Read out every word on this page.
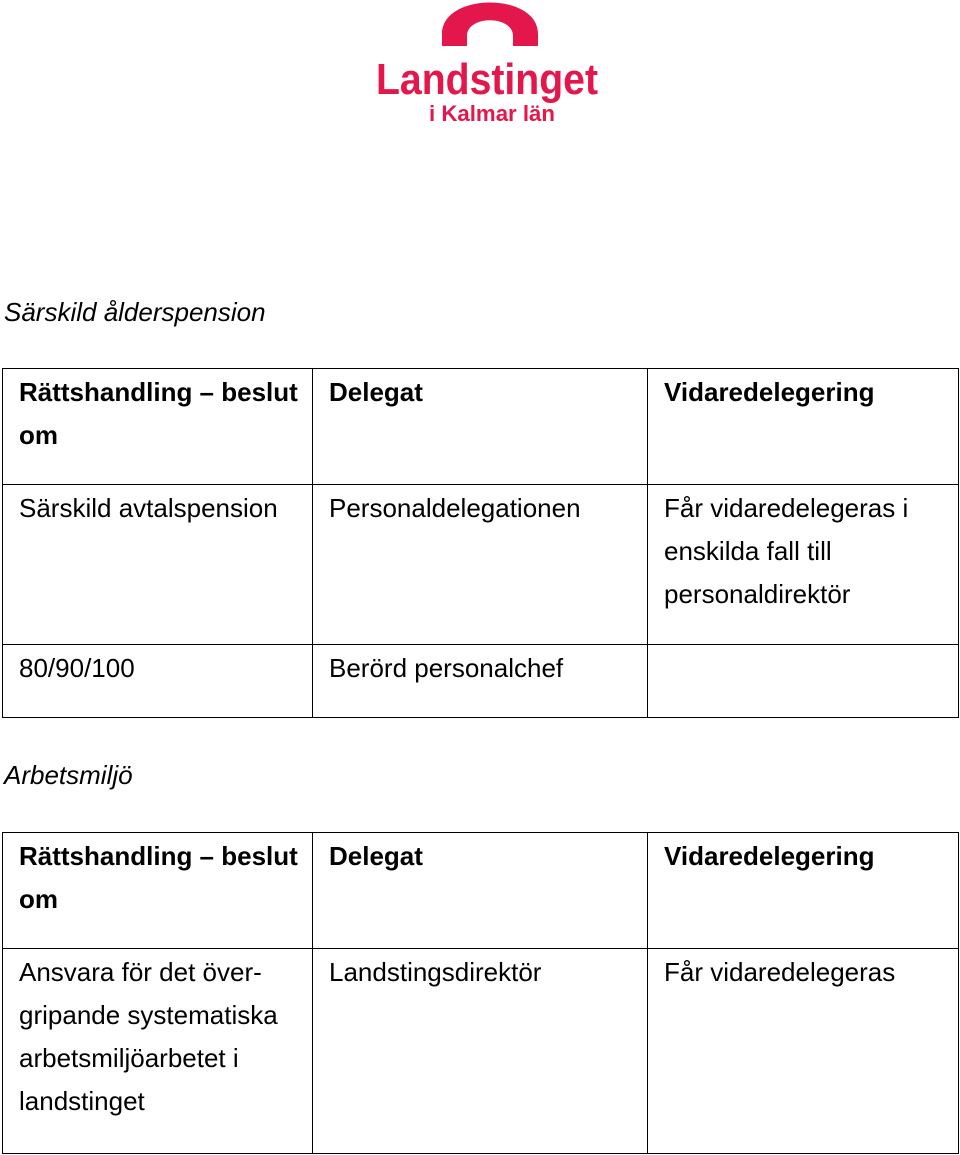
Landstinget
i Kalmar län
Särskild ålderspension
Rättshandling – beslut om	Delegat	Vidaredelegering
Särskild avtalspension	Personaldelegationen	Får vidaredelegeras i enskilda fall till personaldirektör
80/90/100	Berörd personalchef	
Arbetsmiljö
Rättshandling – beslut om	Delegat	Vidaredelegering
Ansvara för det över-gripande systematiska arbetsmiljöarbetet i landstinget	Landstingsdirektör	Får vidaredelegeras
